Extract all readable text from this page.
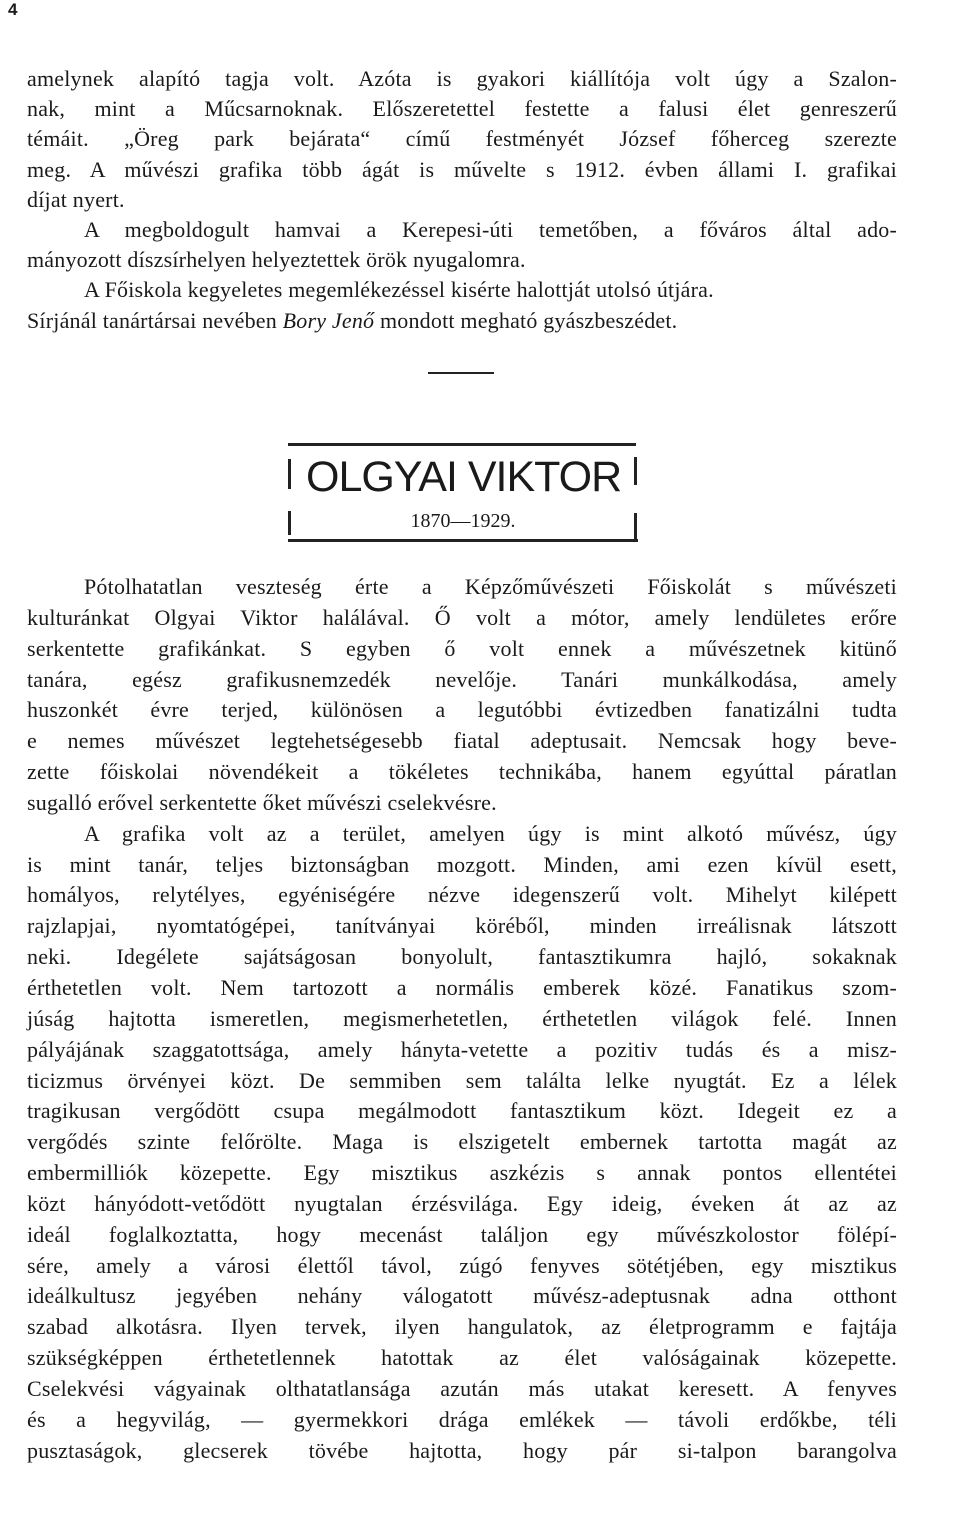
4
amelynek alapító tagja volt. Azóta is gyakori kiállítója volt úgy a Szalon-
nak, mint a Műcsarnoknak. Előszeretettel festette a falusi élet genreszerű
témáit. „Öreg park bejárata“ című festményét József főherceg szerezte
meg. A művészi grafika több ágát is művelte s 1912. évben állami I. grafikai
díjat nyert.
A megboldogult hamvai a Kerepesi-úti temetőben, a főváros által ado-
mányozott díszsírhelyen helyeztettek örök nyugalomra.
A Főiskola kegyeletes megemlékezéssel kisérte halottját utolsó útjára.
Sírjánál tanártársai nevében Bory Jenő mondott megható gyászbeszédet.
OLGYAI VIKTOR
1870—1929.
Pótolhatatlan veszteség érte a Képzőművészeti Főiskolát s művészeti
kulturánkat Olgyai Viktor halálával. Ő volt a mótor, amely lendületes erőre
serkentette grafikánkat. S egyben ő volt ennek a művészetnek kitünő
tanára, egész grafikusnemzedék nevelője. Tanári munkálkodása, amely
huszonkét évre terjed, különösen a legutóbbi évtizedben fanatizálni tudta
e nemes művészet legtehetségesebb fiatal adeptusait. Nemcsak hogy beve-
zette főiskolai növendékeit a tökéletes technikába, hanem egyúttal páratlan
sugalló erővel serkentette őket művészi cselekvésre.
A grafika volt az a terület, amelyen úgy is mint alkotó művész, úgy
is mint tanár, teljes biztonságban mozgott. Minden, ami ezen kívül esett,
homályos, relytélyes, egyéniségére nézve idegenszerű volt. Mihelyt kilépett
rajzlapjai, nyomtatógépei, tanítványai köréből, minden irreálisnak látszott
neki. Idegélete sajátságosan bonyolult, fantasztikumra hajló, sokaknak
érthetetlen volt. Nem tartozott a normális emberek közé. Fanatikus szom-
júság hajtotta ismeretlen, megismerhetetlen, érthetetlen világok felé. Innen
pályájának szaggatottsága, amely hányta-vetette a pozitiv tudás és a misz-
ticizmus örvényei közt. De semmiben sem találta lelke nyugtát. Ez a lélek
tragikusan vergődött csupa megálmodott fantasztikum közt. Idegeit ez a
vergődés szinte felőrölte. Maga is elszigetelt embernek tartotta magát az
embermilliók közepette. Egy misztikus aszkézis s annak pontos ellentétei
közt hányódott-vetődött nyugtalan érzésvilága. Egy ideig, éveken át az az
ideál foglalkoztatta, hogy mecenást találjon egy művészkolostor fölépí-
sére, amely a városi élettől távol, zúgó fenyves sötétjében, egy misztikus
ideálkultusz jegyében nehány válogatott művész-adeptusnak adna otthont
szabad alkotásra. Ilyen tervek, ilyen hangulatok, az életprogramm e fajtája
szükségképpen érthetetlennek hatottak az élet valóságainak közepette.
Cselekvési vágyainak olthatatlansága azután más utakat keresett. A fenyves
és a hegyvilág, — gyermekkori drága emlékek — távoli erdőkbe, téli
pusztaságok, glecserek tövébe hajtotta, hogy pár si-talpon barangolva
